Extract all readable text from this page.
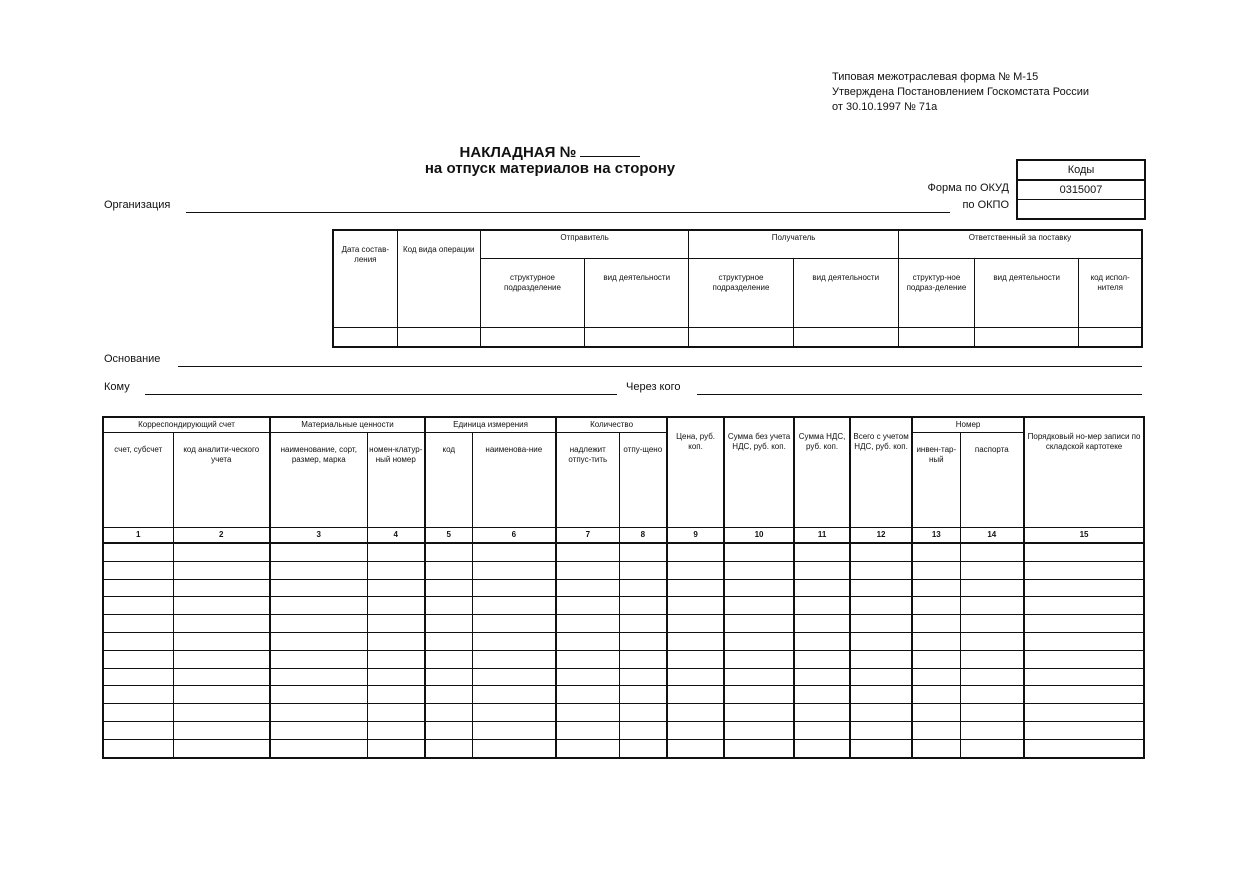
Типовая межотраслевая форма № М-15
Утверждена Постановлением Госкомстата России
от 30.10.1997 № 71а
НАКЛАДНАЯ №
на отпуск материалов на сторону	Коды
0315007
Форма по ОКУД
по ОКПО
Организация
Дата состав-ления	Код вида операции	Отправитель		Получатель		Ответственный за поставку		
		структурное подразделение	вид деятельности	структурное подразделение	вид деятельности	структур-ное подраз-деление	вид деятельности	код испол-нителя

Основание
Кому	Через кого
Корреспондирующий счет		Материальные ценности		Единица измерения		Количество		Цена, руб. коп.	Сумма без учета НДС, руб. коп.	Сумма НДС, руб. коп.	Всего с учетом НДС, руб. коп.	Номер		Порядковый но-мер записи по складской картотеке
счет, субсчет	код аналити-ческого учета	наименование, сорт, размер, марка	номен-клатур-ный номер	код	наименова-ние	надлежит отпус-тить	отпу-щено					инвен-тар-ный	паспорта	
1	2	3	4	5	6	7	8	9	10	11	12	13	14	15
